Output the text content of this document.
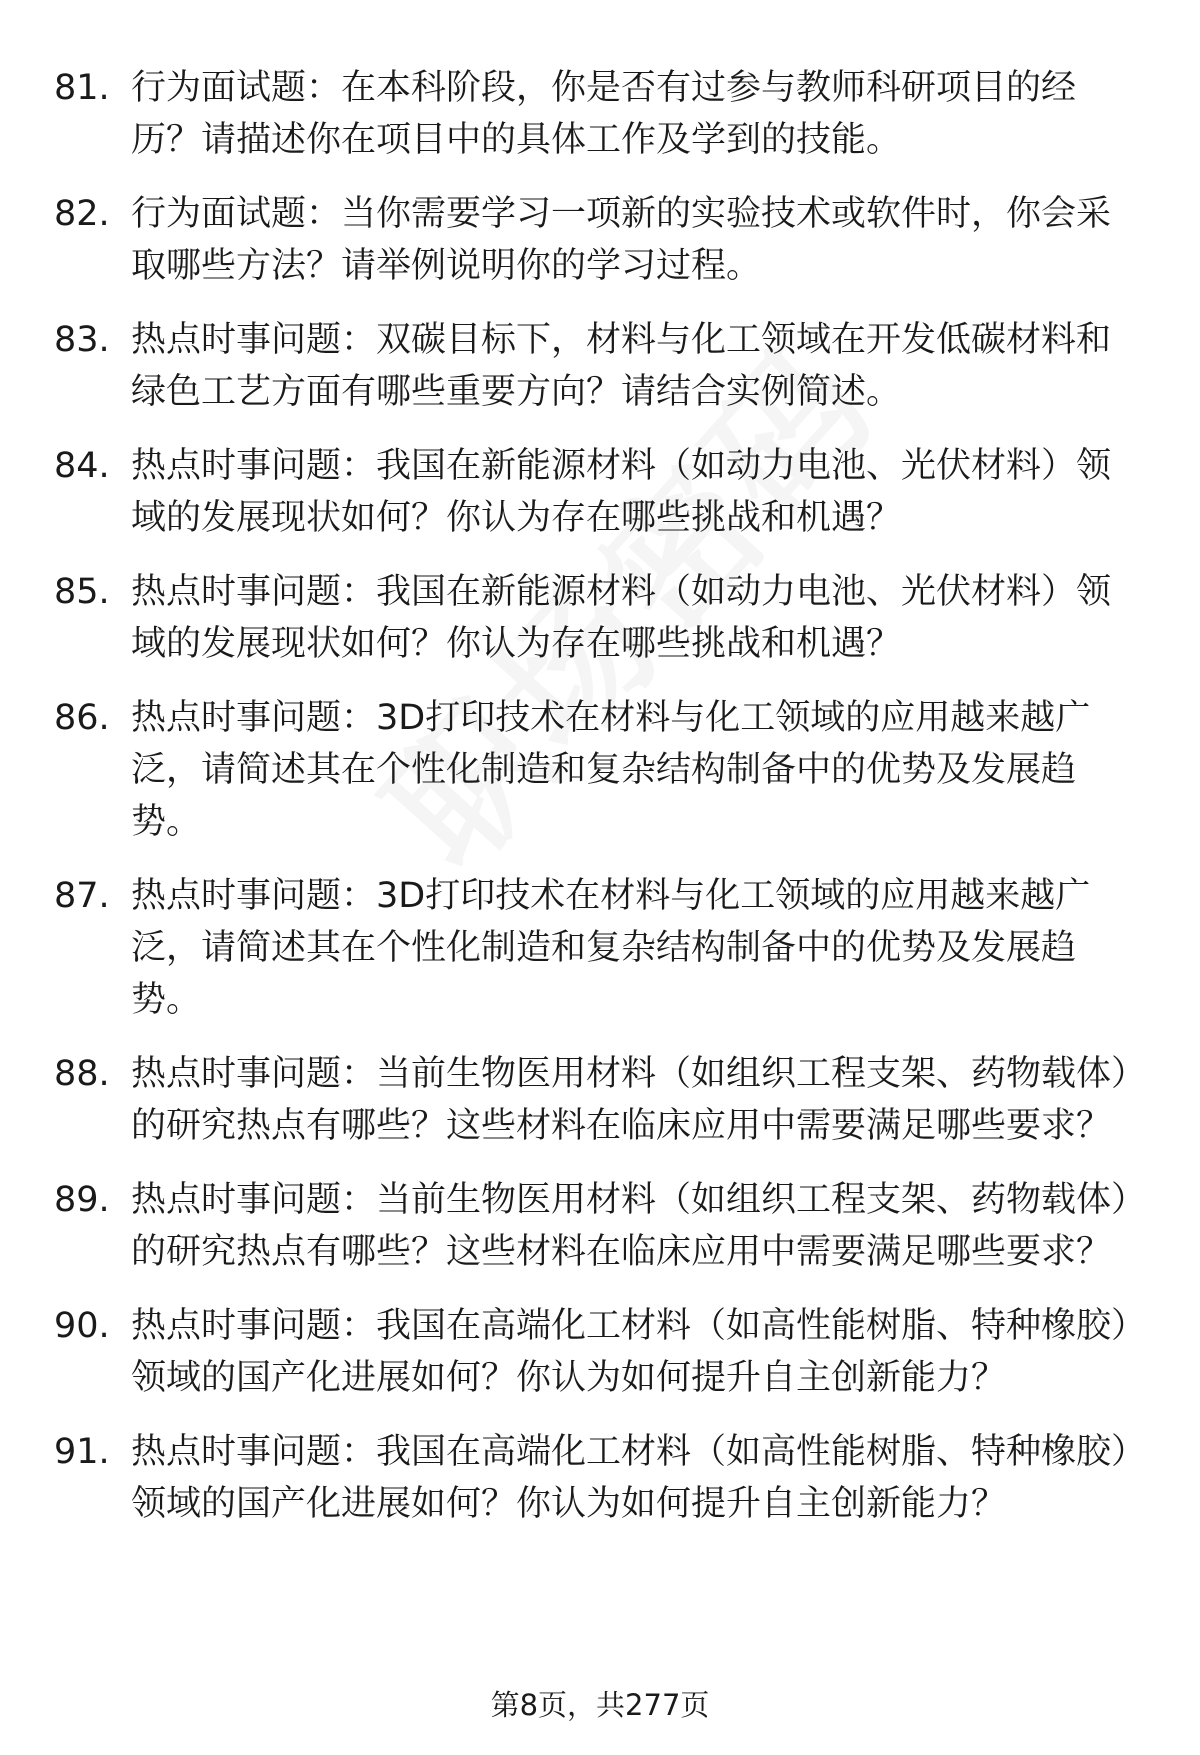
81. 行为面试题：在本科阶段，你是否有过参与教师科研项目的经历？请描述你在项目中的具体工作及学到的技能。
82. 行为面试题：当你需要学习一项新的实验技术或软件时，你会采取哪些方法？请举例说明你的学习过程。
83. 热点时事问题：双碳目标下，材料与化工领域在开发低碳材料和绿色工艺方面有哪些重要方向？请结合实例简述。
84. 热点时事问题：我国在新能源材料（如动力电池、光伏材料）领域的发展现状如何？你认为存在哪些挑战和机遇？
85. 热点时事问题：我国在新能源材料（如动力电池、光伏材料）领域的发展现状如何？你认为存在哪些挑战和机遇？
86. 热点时事问题：3D打印技术在材料与化工领域的应用越来越广泛，请简述其在个性化制造和复杂结构制备中的优势及发展趋势。
87. 热点时事问题：3D打印技术在材料与化工领域的应用越来越广泛，请简述其在个性化制造和复杂结构制备中的优势及发展趋势。
88. 热点时事问题：当前生物医用材料（如组织工程支架、药物载体）的研究热点有哪些？这些材料在临床应用中需要满足哪些要求？
89. 热点时事问题：当前生物医用材料（如组织工程支架、药物载体）的研究热点有哪些？这些材料在临床应用中需要满足哪些要求？
90. 热点时事问题：我国在高端化工材料（如高性能树脂、特种橡胶）领域的国产化进展如何？你认为如何提升自主创新能力？
91. 热点时事问题：我国在高端化工材料（如高性能树脂、特种橡胶）领域的国产化进展如何？你认为如何提升自主创新能力？
第8页，共277页
